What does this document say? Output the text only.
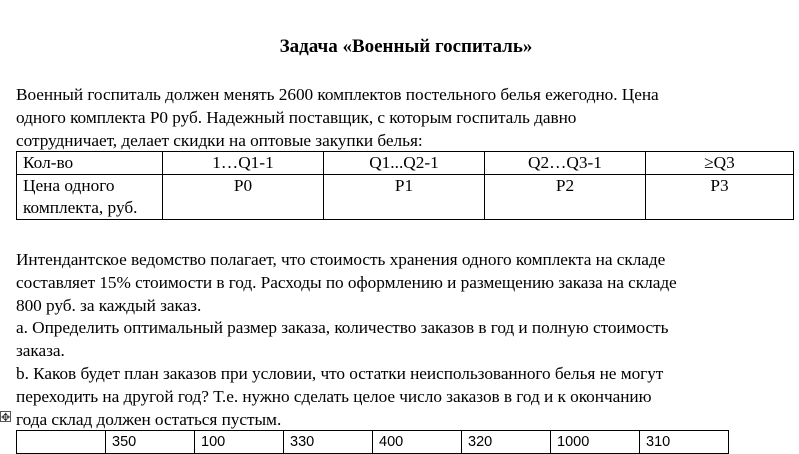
Задача «Военный госпиталь»
Военный госпиталь должен менять 2600 комплектов постельного белья ежегодно. Цена
одного комплекта P0 руб. Надежный поставщик, с которым госпиталь давно
сотрудничает, делает скидки на оптовые закупки белья:
Кол-во	1…Q1-1	Q1...Q2-1	Q2…Q3-1	≥Q3

Цена одного
комплекта, руб.	P0	P1	P2	P3
Интендантское ведомство полагает, что стоимость хранения одного комплекта на складе
составляет 15% стоимости в год. Расходы по оформлению и размещению заказа на складе
800 руб. за каждый заказ.
a. Определить оптимальный размер заказа, количество заказов в год и полную стоимость
заказа.
b. Каков будет план заказов при условии, что остатки неиспользованного белья не могут
переходить на другой год? Т.е. нужно сделать целое число заказов в год и к окончанию
года склад должен остаться пустым.
✥
	350	100	330	400	320	1000	310
